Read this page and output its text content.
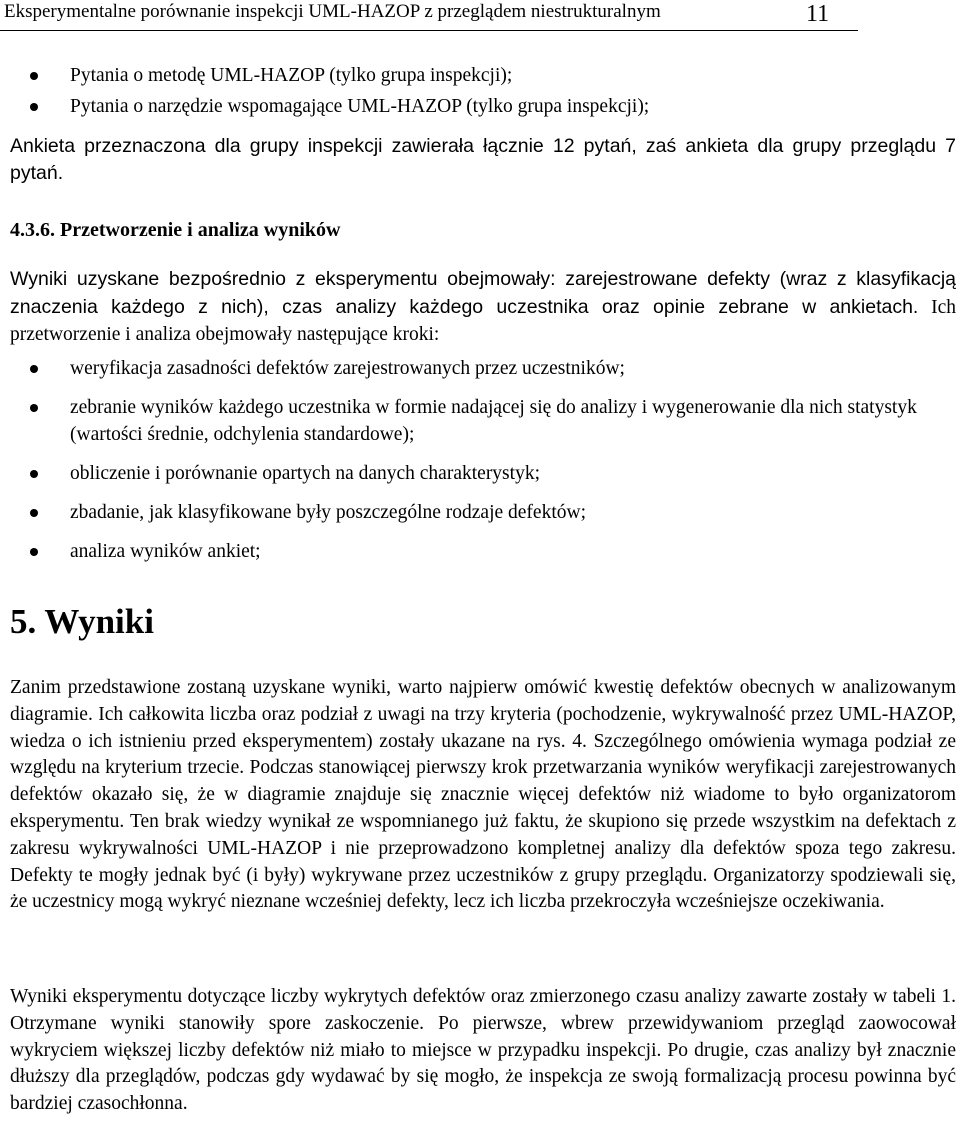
Eksperymentalne porównanie inspekcji UML-HAZOP z przeglądem niestrukturalnym	11
Pytania o metodę UML-HAZOP (tylko grupa inspekcji);
Pytania o narzędzie wspomagające UML-HAZOP (tylko grupa inspekcji);

Ankieta przeznaczona dla grupy inspekcji zawierała łącznie 12 pytań, zaś ankieta dla grupy przeglądu 7 pytań.

4.3.6. Przetworzenie i analiza wyników

Wyniki uzyskane bezpośrednio z eksperymentu obejmowały: zarejestrowane defekty (wraz z klasyfikacją znaczenia każdego z nich), czas analizy każdego uczestnika oraz opinie zebrane w ankietach. Ich przetworzenie i analiza obejmowały następujące kroki:

weryfikacja zasadności defektów zarejestrowanych przez uczestników;
zebranie wyników każdego uczestnika w formie nadającej się do analizy i wygenerowanie dla nich statystyk (wartości średnie, odchylenia standardowe);
obliczenie i porównanie opartych na danych charakterystyk;
zbadanie, jak klasyfikowane były poszczególne rodzaje defektów;
analiza wyników ankiet;
5. Wyniki

Zanim przedstawione zostaną uzyskane wyniki, warto najpierw omówić kwestię defektów obecnych w analizowanym diagramie. Ich całkowita liczba oraz podział z uwagi na trzy kryteria (pochodzenie, wykrywalność przez UML-HAZOP, wiedza o ich istnieniu przed eksperymentem) zostały ukazane na rys. 4. Szczególnego omówienia wymaga podział ze względu na kryterium trzecie. Podczas stanowiącej pierwszy krok przetwarzania wyników weryfikacji zarejestrowanych defektów okazało się, że w diagramie znajduje się znacznie więcej defektów niż wiadome to było organizatorom eksperymentu. Ten brak wiedzy wynikał ze wspomnianego już faktu, że skupiono się przede wszystkim na defektach z zakresu wykrywalności UML-HAZOP i nie przeprowadzono kompletnej analizy dla defektów spoza tego zakresu. Defekty te mogły jednak być (i były) wykrywane przez uczestników z grupy przeglądu. Organizatorzy spodziewali się, że uczestnicy mogą wykryć nieznane wcześniej defekty, lecz ich liczba przekroczyła wcześniejsze oczekiwania.

Wyniki eksperymentu dotyczące liczby wykrytych defektów oraz zmierzonego czasu analizy zawarte zostały w tabeli 1. Otrzymane wyniki stanowiły spore zaskoczenie. Po pierwsze, wbrew przewidywaniom przegląd zaowocował wykryciem większej liczby defektów niż miało to miejsce w przypadku inspekcji. Po drugie, czas analizy był znacznie dłuższy dla przeglądów, podczas gdy wydawać by się mogło, że inspekcja ze swoją formalizacją procesu powinna być bardziej czasochłonna.
